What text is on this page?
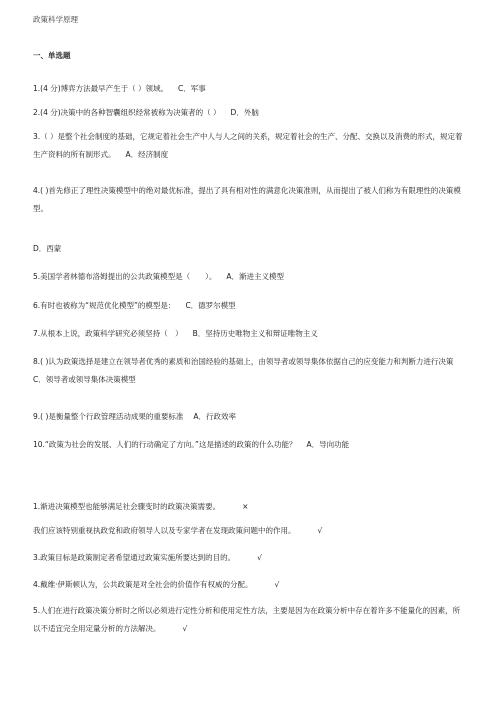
政策科学原理
一、单选题
1.(4 分)博弈方法最早产生于（ ）领域。 C．军事
2.(4 分)决策中的各种智囊组织经常被称为决策者的（ ） D．外脑
3.（ ）是整个社会制度的基础，它规定着社会生产中人与人之间的关系，规定着社会的生产、分配、交换以及消费的形式，规定着生产资料的所有制形式。 A．经济制度
4.( )首先修正了理性决策模型中的绝对最优标准，提出了具有相对性的满意化决策准则，从而提出了被人们称为有限理性的决策模型。
D．西蒙
5.美国学者林德布洛姆提出的公共政策模型是（　　）。 A．渐进主义模型
6.有时也被称为“规范优化模型”的模型是： C．德罗尔模型
7.从根本上说，政策科学研究必须坚持（　） B．坚持历史唯物主义和辩证唯物主义
8.( )认为政策选择是建立在领导者优秀的素质和治国经验的基础上，由领导者或领导集体依据自己的应变能力和判断力进行决策 C．领导者或领导集体决策模型
9.( )是衡量整个行政管理活动成果的重要标准 A．行政效率
10.“政策为社会的发展、人们的行动确定了方向。”这是描述的政策的什么功能？ A．导向功能
1.渐进决策模型也能够满足社会骤变时的政策决策需要。	×
我们应该特别重视执政党和政府领导人以及专家学者在发现政策问题中的作用。	√
3.政策目标是政策制定者希望通过政策实施所要达到的目的。	√
4.戴维·伊斯顿认为，公共政策是对全社会的价值作有权威的分配。	√
5.人们在进行政策决策分析时之所以必须进行定性分析和使用定性方法，主要是因为在政策分析中存在着许多不能量化的因素，所以不适宜完全用定量分析的方法解决。	√
